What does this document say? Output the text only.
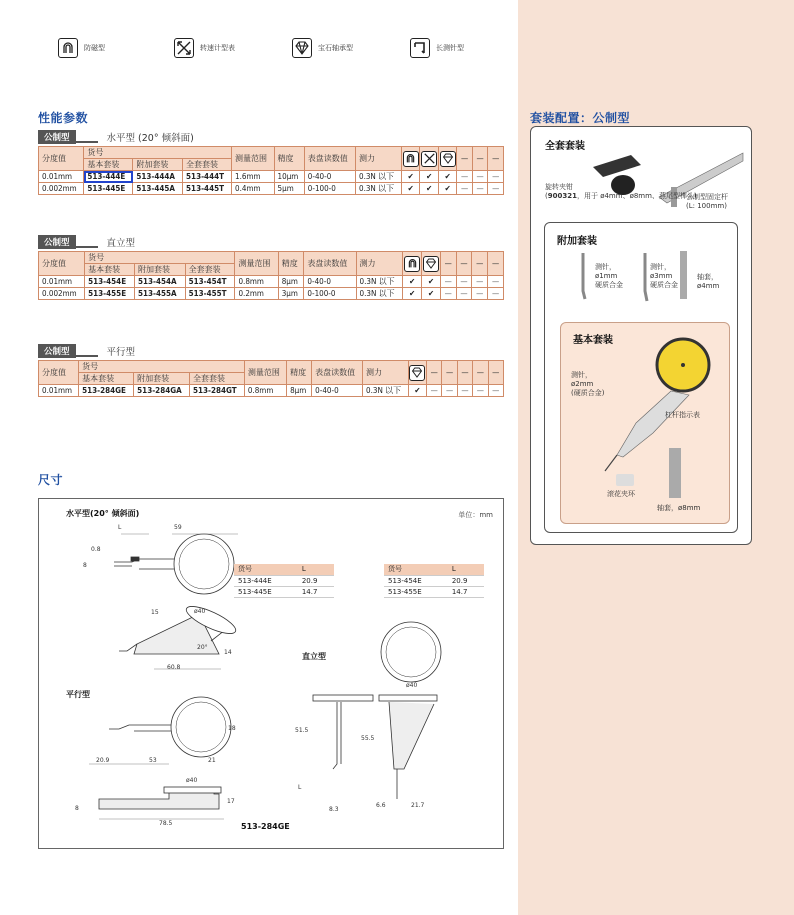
防磁型	转速计型表	宝石轴承型	长测针型
性能参数
公制型	水平型 (20° 倾斜面)
分度值	货号			测量范围	精度	表盘读数值	测力				—	—	—
	基本套装	附加套装	全套套装										
0.01mm	513-444E	513-444A	513-444T	1.6mm	10μm	0-40-0	0.3N 以下	✔	✔	✔	—	—	—
0.002mm	513-445E	513-445A	513-445T	0.4mm	5μm	0-100-0	0.3N 以下	✔	✔	✔	—	—	—
公制型	直立型
分度值	货号			测量范围	精度	表盘读数值	测力			—	—	—	—
	基本套装	附加套装	全套套装										
0.01mm	513-454E	513-454A	513-454T	0.8mm	8μm	0-40-0	0.3N 以下	✔	✔	—	—	—	—
0.002mm	513-455E	513-455A	513-455T	0.2mm	3μm	0-100-0	0.3N 以下	✔	✔	—	—	—	—
公制型	平行型
分度值	货号			测量范围	精度	表盘读数值	测力		—	—	—	—	—
	基本套装	附加套装	全套套装										
0.01mm	513-284GE	513-284GA	513-284GT	0.8mm	8μm	0-40-0	0.3N 以下	✔	—	—	—	—	—
尺寸
水平型(20° 倾斜面)	单位：mm
货号	L
513-444E	20.9
513-445E	14.7
货号	L
513-454E	20.9
513-455E	14.7
直立型
平行型
513-284GE
L	59
0.8
8
ø40
15
20°
14
60.8
ø40
51.5
55.5
L
8.3
6.6	21.7
20.9	53	21
18
ø40
17
8
78.5
套装配置：公制型
全套套装
旋转夹钳
(900321，用于 ø4mm、ø8mm、燕尾型榫头)
公制型固定杆
(L: 100mm)
附加套装
测针，
ø1mm
硬质合金
测针，
ø3mm
硬质合金
轴套，
ø4mm
基本套装
测针，
ø2mm
(硬质合金)
杠杆指示表
滚花夹环
轴套，ø8mm
